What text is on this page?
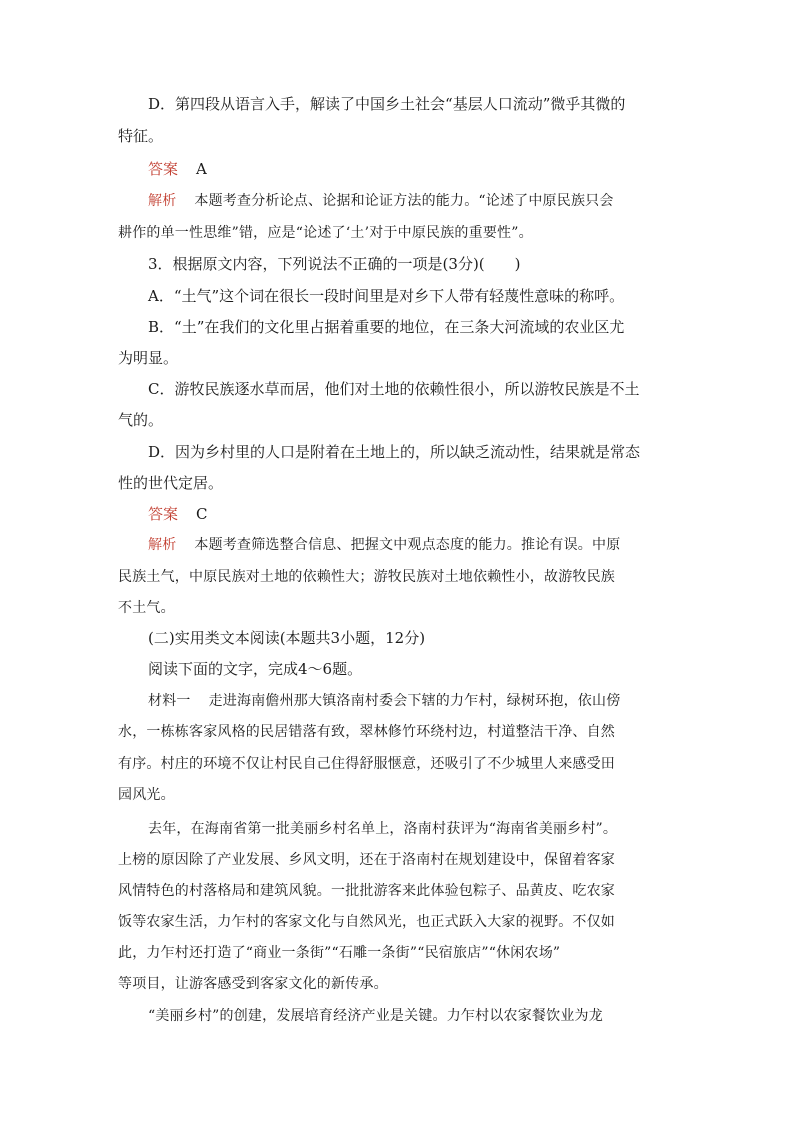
D．第四段从语言入手，解读了中国乡土社会“基层人口流动”微乎其微的

特征。

答案 A

解析 本题考查分析论点、论据和论证方法的能力。“论述了中原民族只会

耕作的单一性思维”错，应是“论述了‘土’对于中原民族的重要性”。

3．根据原文内容，下列说法不正确的一项是(3分)(　　)

A．“土气”这个词在很长一段时间里是对乡下人带有轻蔑性意味的称呼。

B．“土”在我们的文化里占据着重要的地位，在三条大河流域的农业区尤

为明显。

C．游牧民族逐水草而居，他们对土地的依赖性很小，所以游牧民族是不土

气的。

D．因为乡村里的人口是附着在土地上的，所以缺乏流动性，结果就是常态

性的世代定居。

答案 C

解析 本题考查筛选整合信息、把握文中观点态度的能力。推论有误。中原

民族土气，中原民族对土地的依赖性大；游牧民族对土地依赖性小，故游牧民族

不土气。

(二)实用类文本阅读(本题共3小题，12分)

阅读下面的文字，完成4～6题。

材料一 走进海南儋州那大镇洛南村委会下辖的力乍村，绿树环抱，依山傍

水，一栋栋客家风格的民居错落有致，翠林修竹环绕村边，村道整洁干净、自然

有序。村庄的环境不仅让村民自己住得舒服惬意，还吸引了不少城里人来感受田

园风光。

去年，在海南省第一批美丽乡村名单上，洛南村获评为“海南省美丽乡村”。

上榜的原因除了产业发展、乡风文明，还在于洛南村在规划建设中，保留着客家

风情特色的村落格局和建筑风貌。一批批游客来此体验包粽子、品黄皮、吃农家

饭等农家生活，力乍村的客家文化与自然风光，也正式跃入大家的视野。不仅如

此，力乍村还打造了“商业一条街”“石雕一条街”“民宿旅店”“休闲农场”

等项目，让游客感受到客家文化的新传承。

“美丽乡村”的创建，发展培育经济产业是关键。力乍村以农家餐饮业为龙
